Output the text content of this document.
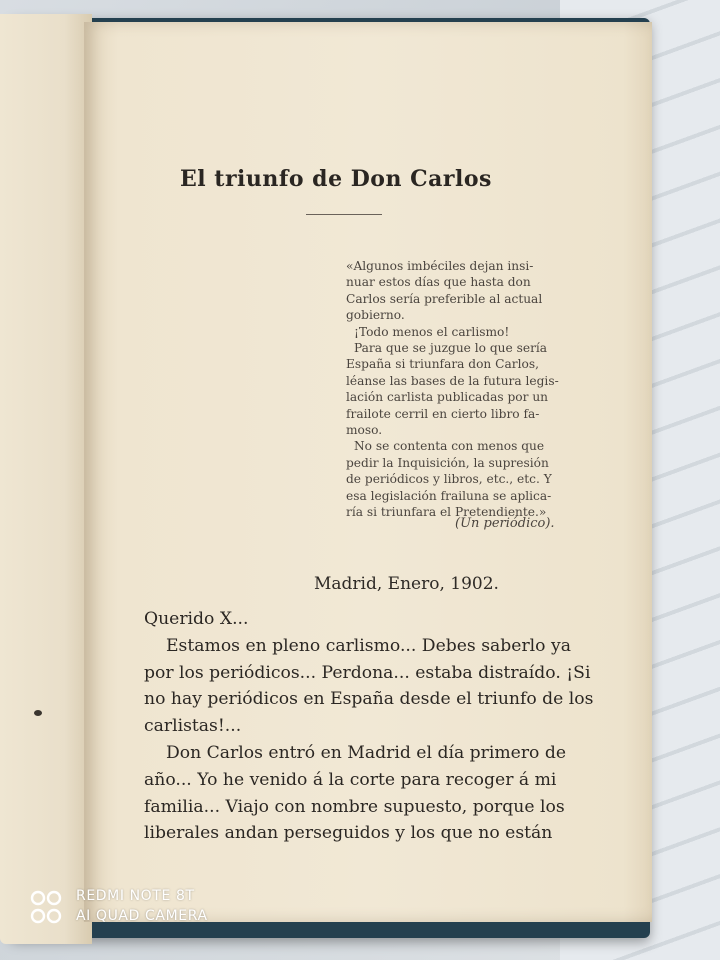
El triunfo de Don Carlos
«Algunos imbéciles dejan insi-
nuar estos días que hasta don
Carlos sería preferible al actual
gobierno.
¡Todo menos el carlismo!
Para que se juzgue lo que sería
España si triunfara don Carlos,
léanse las bases de la futura legis-
lación carlista publicadas por un
frailote cerril en cierto libro fa-
moso.
No se contenta con menos que
pedir la Inquisición, la supresión
de periódicos y libros, etc., etc. Y
esa legislación frailuna se aplica-
ría si triunfara el Pretendiente.»
(Un periódico).
Madrid, Enero, 1902.
Querido X...
Estamos en pleno carlismo... Debes saberlo ya
por los periódicos... Perdona... estaba distraído. ¡Si
no hay periódicos en España desde el triunfo de los
carlistas!...
Don Carlos entró en Madrid el día primero de
año... Yo he venido á la corte para recoger á mi
familia... Viajo con nombre supuesto, porque los
liberales andan perseguidos y los que no están
REDMI NOTE 8T
AI QUAD CAMERA
